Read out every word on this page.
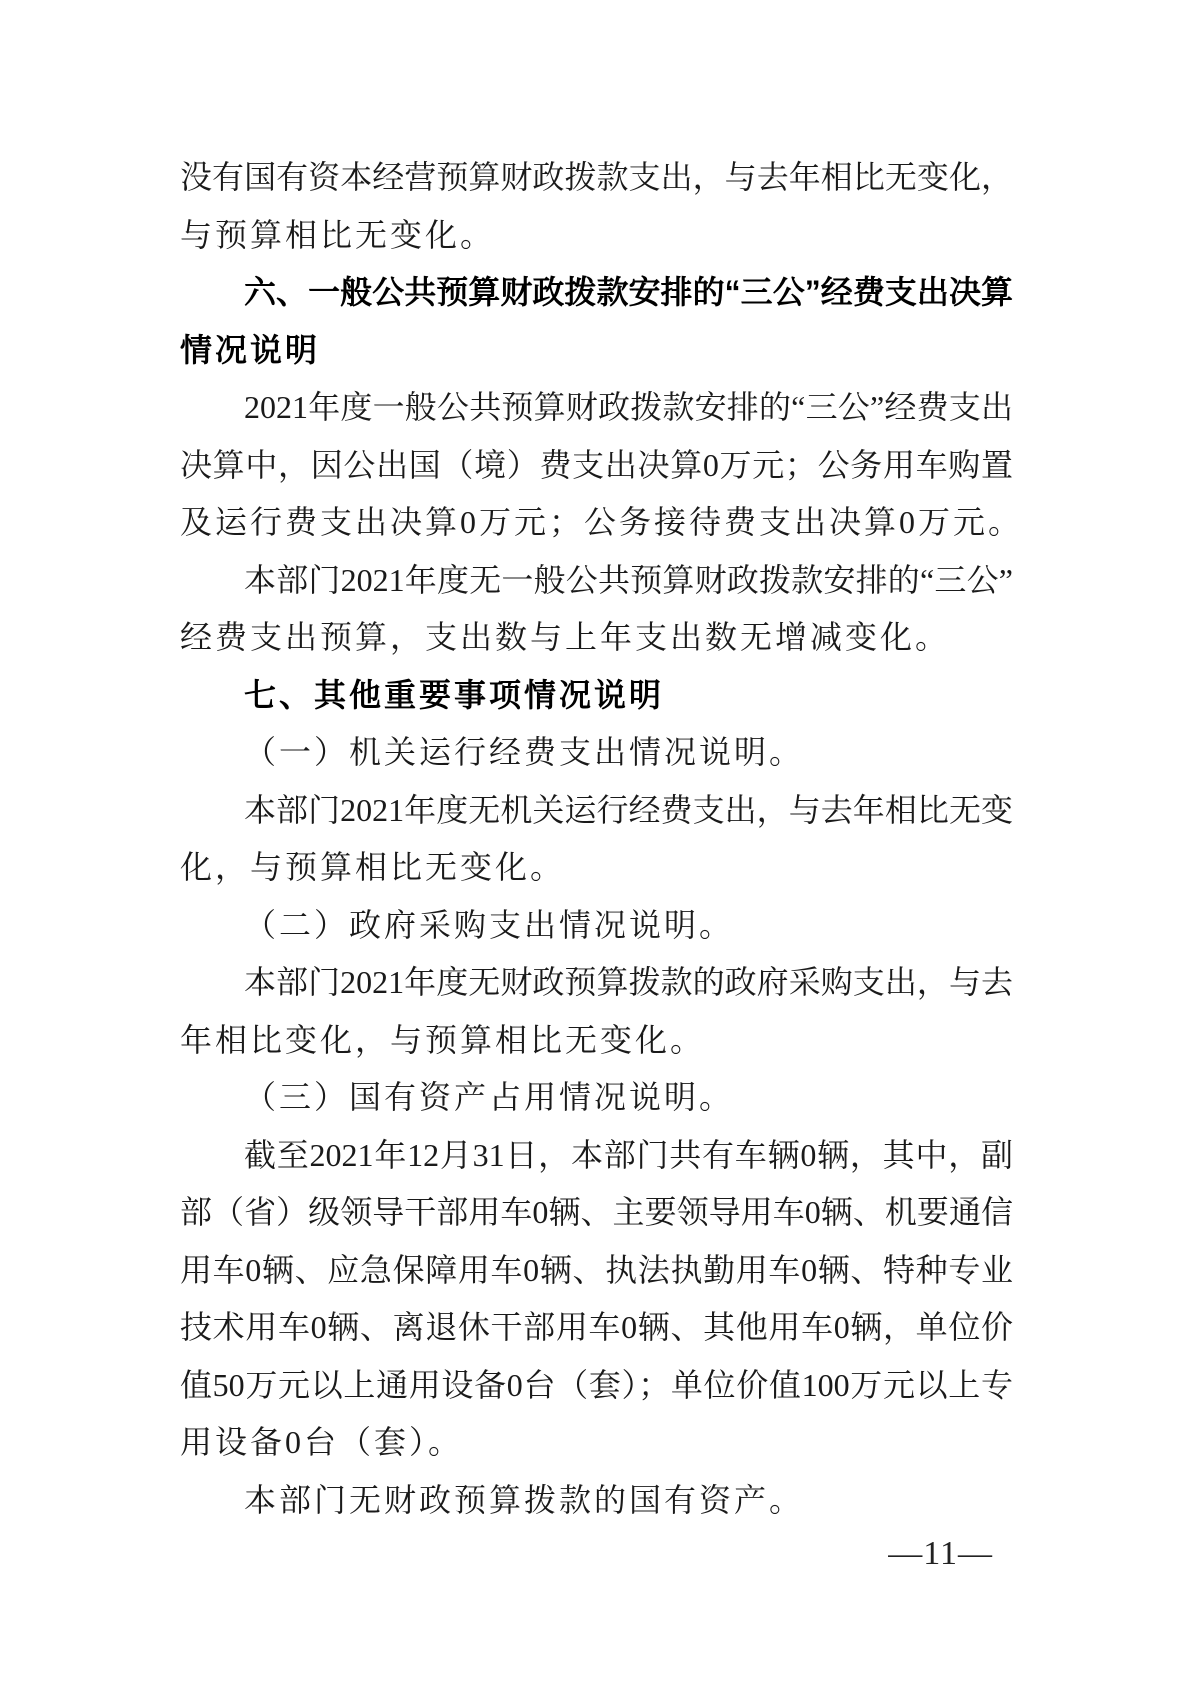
没有国有资本经营预算财政拨款支出，与去年相比无变化，
与预算相比无变化。
六、一般公共预算财政拨款安排的“三公”经费支出决算
情况说明
2021年度一般公共预算财政拨款安排的“三公”经费支出
决算中，因公出国（境）费支出决算0万元；公务用车购置
及运行费支出决算0万元；公务接待费支出决算0万元。
本部门2021年度无一般公共预算财政拨款安排的“三公”
经费支出预算，支出数与上年支出数无增减变化。
七、其他重要事项情况说明
（一）机关运行经费支出情况说明。
本部门2021年度无机关运行经费支出，与去年相比无变
化，与预算相比无变化。
（二）政府采购支出情况说明。
本部门2021年度无财政预算拨款的政府采购支出，与去
年相比变化，与预算相比无变化。
（三）国有资产占用情况说明。
截至2021年12月31日，本部门共有车辆0辆，其中，副
部（省）级领导干部用车0辆、主要领导用车0辆、机要通信
用车0辆、应急保障用车0辆、执法执勤用车0辆、特种专业
技术用车0辆、离退休干部用车0辆、其他用车0辆，单位价
值50万元以上通用设备0台（套）；单位价值100万元以上专
用设备0台（套）。
本部门无财政预算拨款的国有资产。
—11—
